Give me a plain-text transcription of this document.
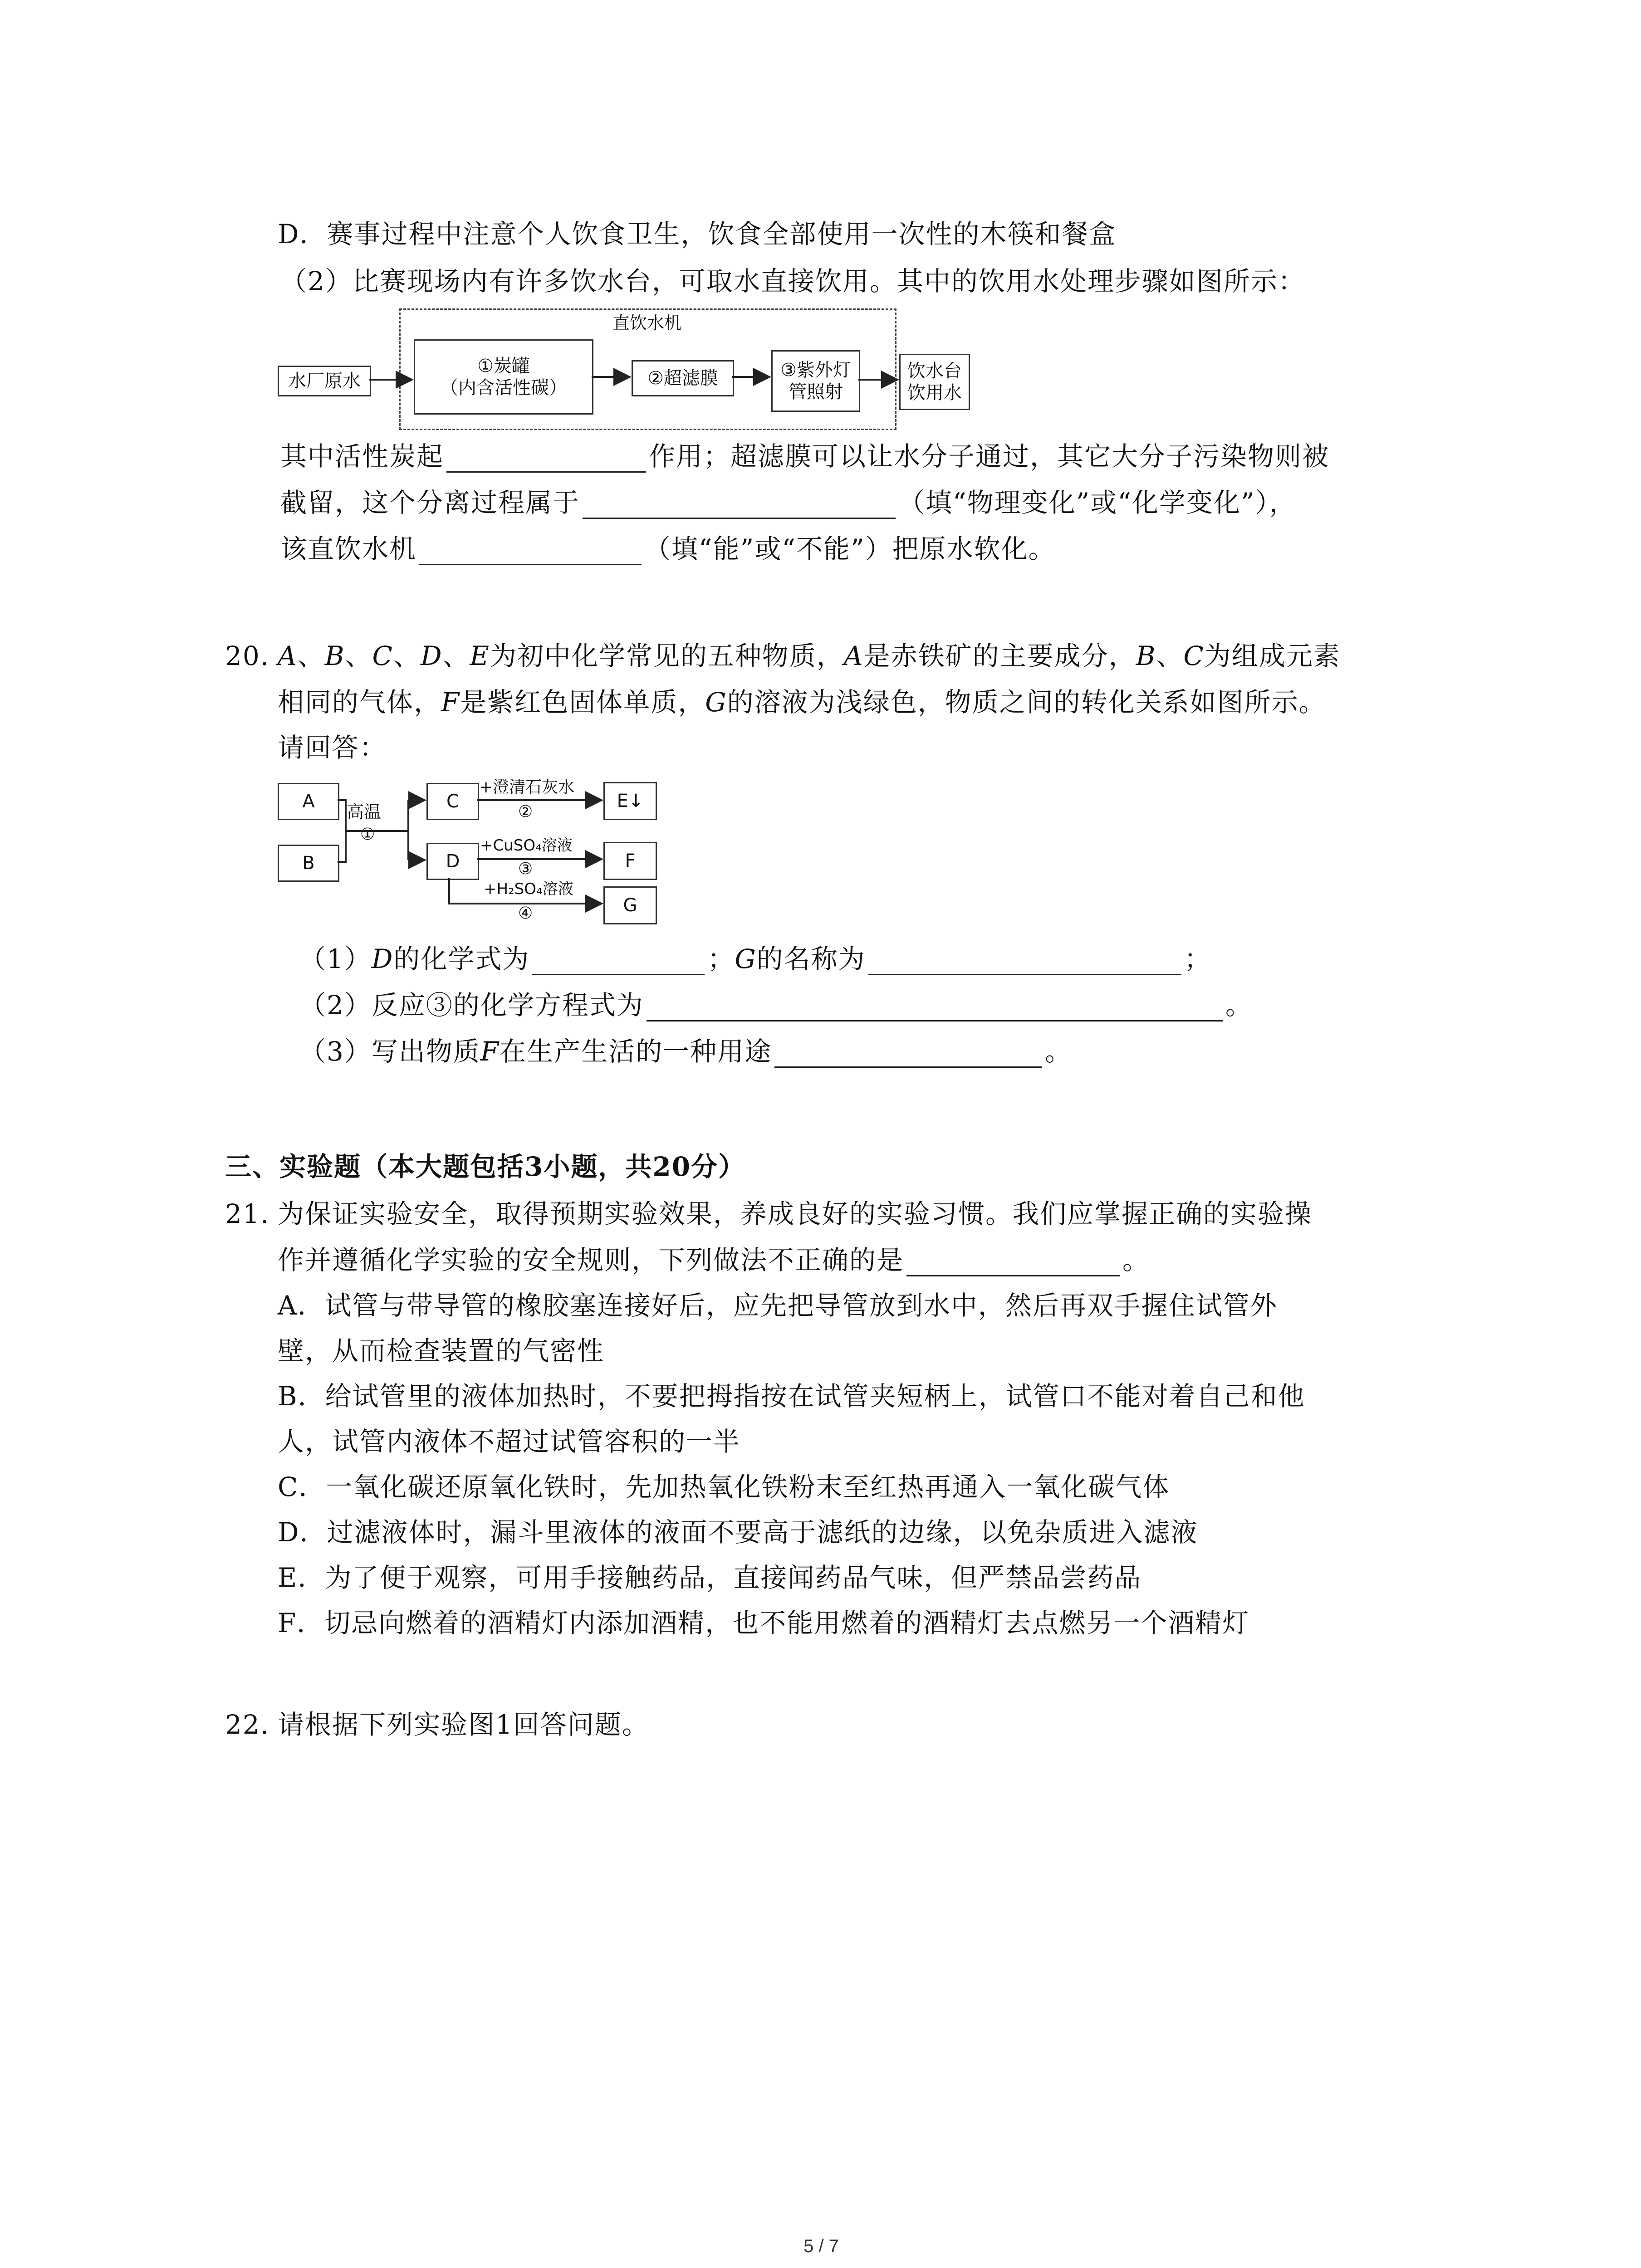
D．赛事过程中注意个人饮食卫生，饮食全部使用一次性的木筷和餐盒
（2）比赛现场内有许多饮水台，可取水直接饮用。其中的饮用水处理步骤如图所示：
直饮水机
水厂原水
①炭罐
（内含活性碳）	②超滤膜	③紫外灯
管照射
饮水台
饮用水
其中活性炭起	作用；超滤膜可以让水分子通过，其它大分子污染物则被
截留，这个分离过程属于	（填“物理变化”或“化学变化”），
该直饮水机	（填“能”或“不能”）把原水软化。
20. A、B、C、D、E为初中化学常见的五种物质，A是赤铁矿的主要成分，B、C为组成元素
相同的气体，F是紫红色固体单质，G的溶液为浅绿色，物质之间的转化关系如图所示。
请回答：
A
B
C
D
E↓
F
G
高温
①
+澄清石灰水
②
+CuSO₄溶液
③
+H₂SO₄溶液
④
（1）D的化学式为	；G的名称为	；
（2）反应③的化学方程式为	。
（3）写出物质F在生产生活的一种用途	。
三、实验题（本大题包括3小题，共20分）
21. 为保证实验安全，取得预期实验效果，养成良好的实验习惯。我们应掌握正确的实验操
作并遵循化学实验的安全规则，下列做法不正确的是	。
A．试管与带导管的橡胶塞连接好后，应先把导管放到水中，然后再双手握住试管外
壁，从而检查装置的气密性
B．给试管里的液体加热时，不要把拇指按在试管夹短柄上，试管口不能对着自己和他
人，试管内液体不超过试管容积的一半
C．一氧化碳还原氧化铁时，先加热氧化铁粉末至红热再通入一氧化碳气体
D．过滤液体时，漏斗里液体的液面不要高于滤纸的边缘，以免杂质进入滤液
E．为了便于观察，可用手接触药品，直接闻药品气味，但严禁品尝药品
F．切忌向燃着的酒精灯内添加酒精，也不能用燃着的酒精灯去点燃另一个酒精灯
22. 请根据下列实验图1回答问题。
5 / 7
